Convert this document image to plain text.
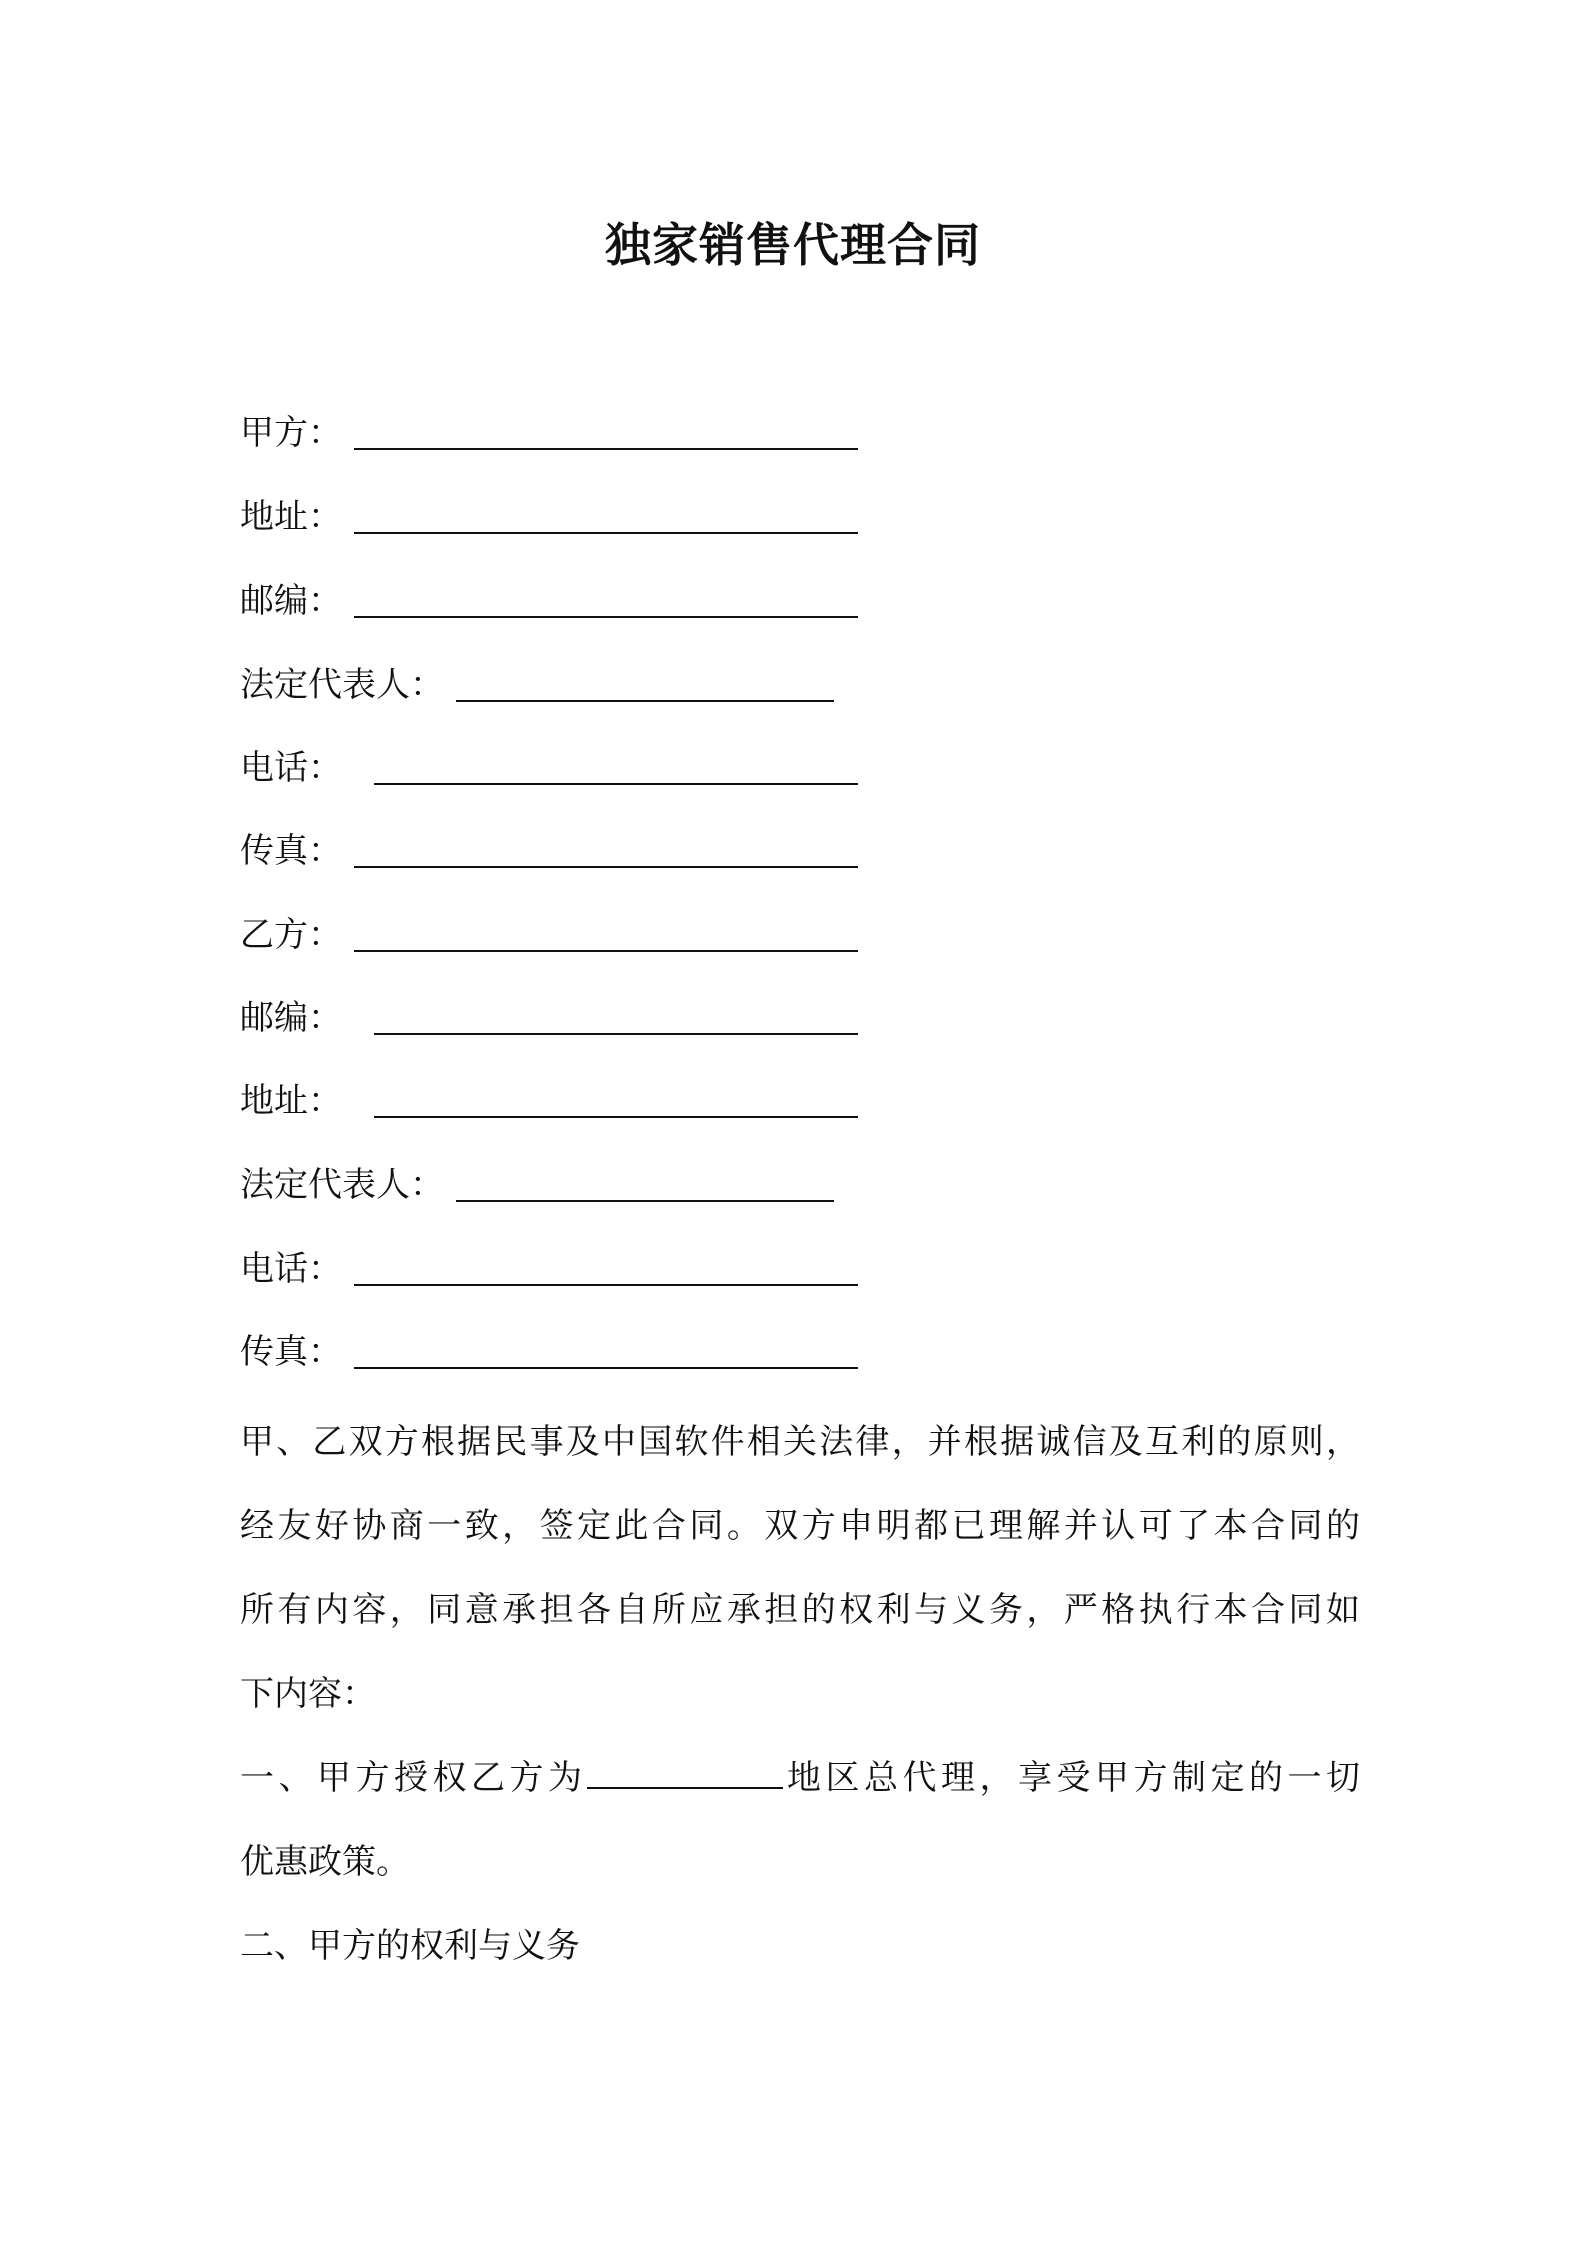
独家销售代理合同
甲方：
地址：
邮编：
法定代表人：
电话：
传真：
乙方：
邮编：
地址：
法定代表人：
电话：
传真：
甲、乙双方根据民事及中国软件相关法律，并根据诚信及互利的原则，
经友好协商一致，签定此合同。双方申明都已理解并认可了本合同的
所有内容，同意承担各自所应承担的权利与义务，严格执行本合同如
下内容：
一、甲方授权乙方为	地区总代理，享受甲方制定的一切
优惠政策。
二、甲方的权利与义务
